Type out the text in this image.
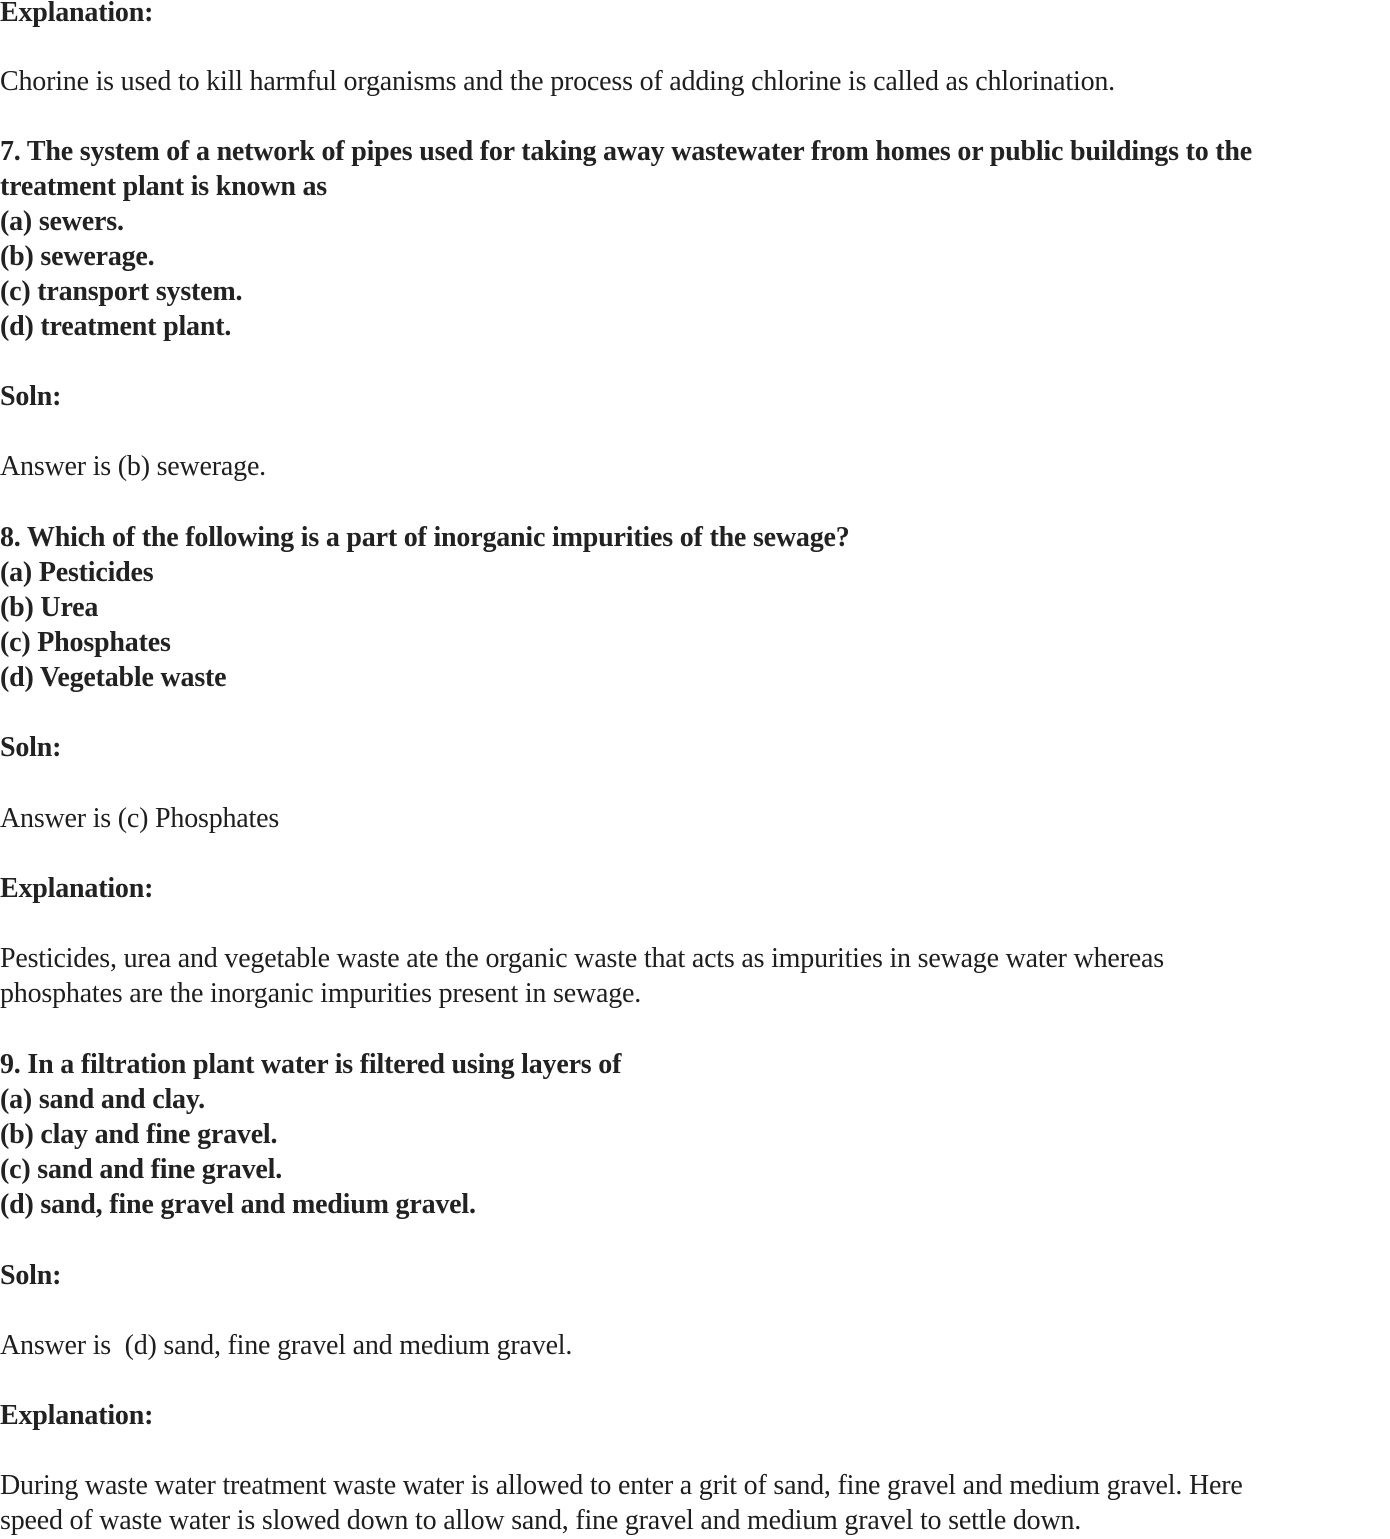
Explanation:
Chorine is used to kill harmful organisms and the process of adding chlorine is called as chlorination.
7. The system of a network of pipes used for taking away wastewater from homes or public buildings to the
treatment plant is known as
(a) sewers.
(b) sewerage.
(c) transport system.
(d) treatment plant.
Soln:
Answer is (b) sewerage.
8. Which of the following is a part of inorganic impurities of the sewage?
(a) Pesticides
(b) Urea
(c) Phosphates
(d) Vegetable waste
Soln:
Answer is (c) Phosphates
Explanation:
Pesticides, urea and vegetable waste ate the organic waste that acts as impurities in sewage water whereas
phosphates are the inorganic impurities present in sewage.
9. In a filtration plant water is filtered using layers of
(a) sand and clay.
(b) clay and fine gravel.
(c) sand and fine gravel.
(d) sand, fine gravel and medium gravel.
Soln:
Answer is  (d) sand, fine gravel and medium gravel.
Explanation:
During waste water treatment waste water is allowed to enter a grit of sand, fine gravel and medium gravel. Here
speed of waste water is slowed down to allow sand, fine gravel and medium gravel to settle down.
